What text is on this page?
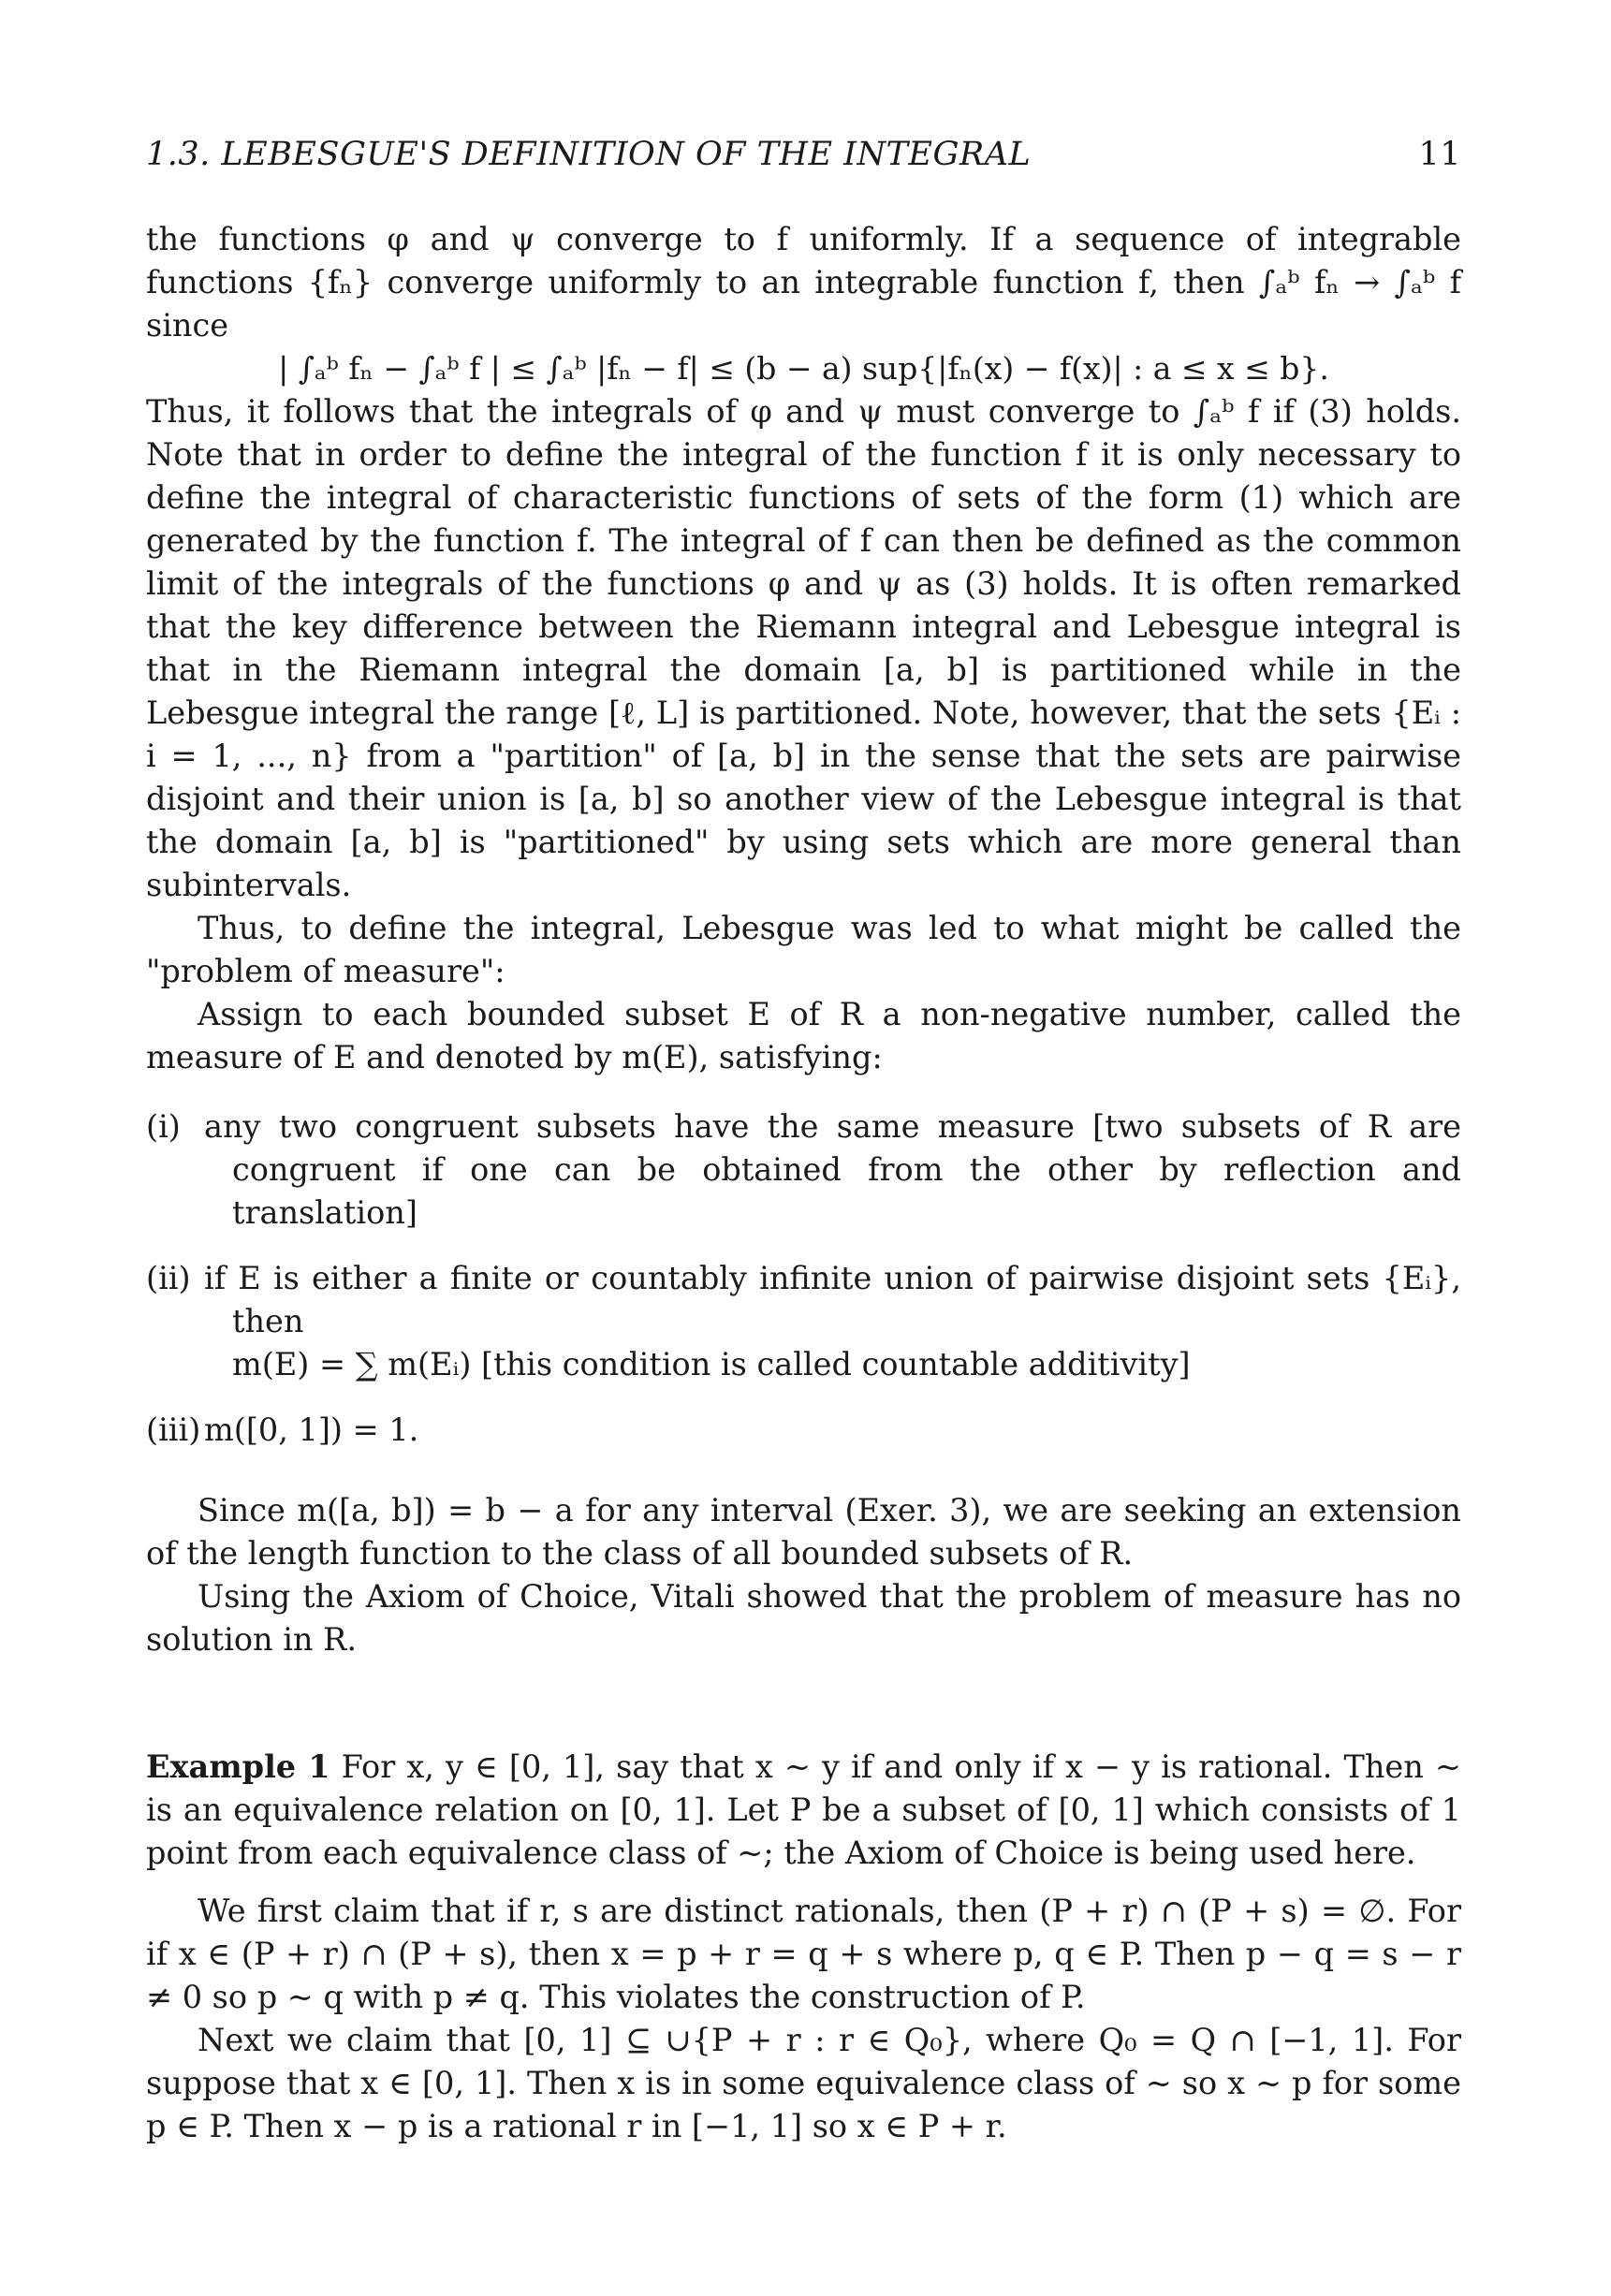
1.3. LEBESGUE'S DEFINITION OF THE INTEGRAL	11

the functions φ and ψ converge to f uniformly. If a sequence of integrable functions {fₙ} converge uniformly to an integrable function f, then ∫ₐᵇ fₙ → ∫ₐᵇ f since

| ∫ₐᵇ fₙ − ∫ₐᵇ f | ≤ ∫ₐᵇ |fₙ − f| ≤ (b − a) sup{|fₙ(x) − f(x)| : a ≤ x ≤ b}.

Thus, it follows that the integrals of φ and ψ must converge to ∫ₐᵇ f if (3) holds. Note that in order to define the integral of the function f it is only necessary to define the integral of characteristic functions of sets of the form (1) which are generated by the function f. The integral of f can then be defined as the common limit of the integrals of the functions φ and ψ as (3) holds. It is often remarked that the key difference between the Riemann integral and Lebesgue integral is that in the Riemann integral the domain [a, b] is partitioned while in the Lebesgue integral the range [ℓ, L] is partitioned. Note, however, that the sets {Eᵢ : i = 1, ..., n} from a "partition" of [a, b] in the sense that the sets are pairwise disjoint and their union is [a, b] so another view of the Lebesgue integral is that the domain [a, b] is "partitioned" by using sets which are more general than subintervals.

Thus, to define the integral, Lebesgue was led to what might be called the "problem of measure":

Assign to each bounded subset E of R a non-negative number, called the measure of E and denoted by m(E), satisfying:

(i) any two congruent subsets have the same measure [two subsets of R are congruent if one can be obtained from the other by reflection and translation]
(ii) if E is either a finite or countably infinite union of pairwise disjoint sets {Eᵢ}, then
m(E) = ∑ m(Eᵢ) [this condition is called countable additivity]
(iii) m([0, 1]) = 1.

Since m([a, b]) = b − a for any interval (Exer. 3), we are seeking an extension of the length function to the class of all bounded subsets of R.

Using the Axiom of Choice, Vitali showed that the problem of measure has no solution in R.

Example 1 For x, y ∈ [0, 1], say that x ∼ y if and only if x − y is rational. Then ∼ is an equivalence relation on [0, 1]. Let P be a subset of [0, 1] which consists of 1 point from each equivalence class of ∼; the Axiom of Choice is being used here.

We first claim that if r, s are distinct rationals, then (P + r) ∩ (P + s) = ∅. For if x ∈ (P + r) ∩ (P + s), then x = p + r = q + s where p, q ∈ P. Then p − q = s − r ≠ 0 so p ∼ q with p ≠ q. This violates the construction of P.

Next we claim that [0, 1] ⊆ ∪{P + r : r ∈ Q₀}, where Q₀ = Q ∩ [−1, 1]. For suppose that x ∈ [0, 1]. Then x is in some equivalence class of ∼ so x ∼ p for some p ∈ P. Then x − p is a rational r in [−1, 1] so x ∈ P + r.
